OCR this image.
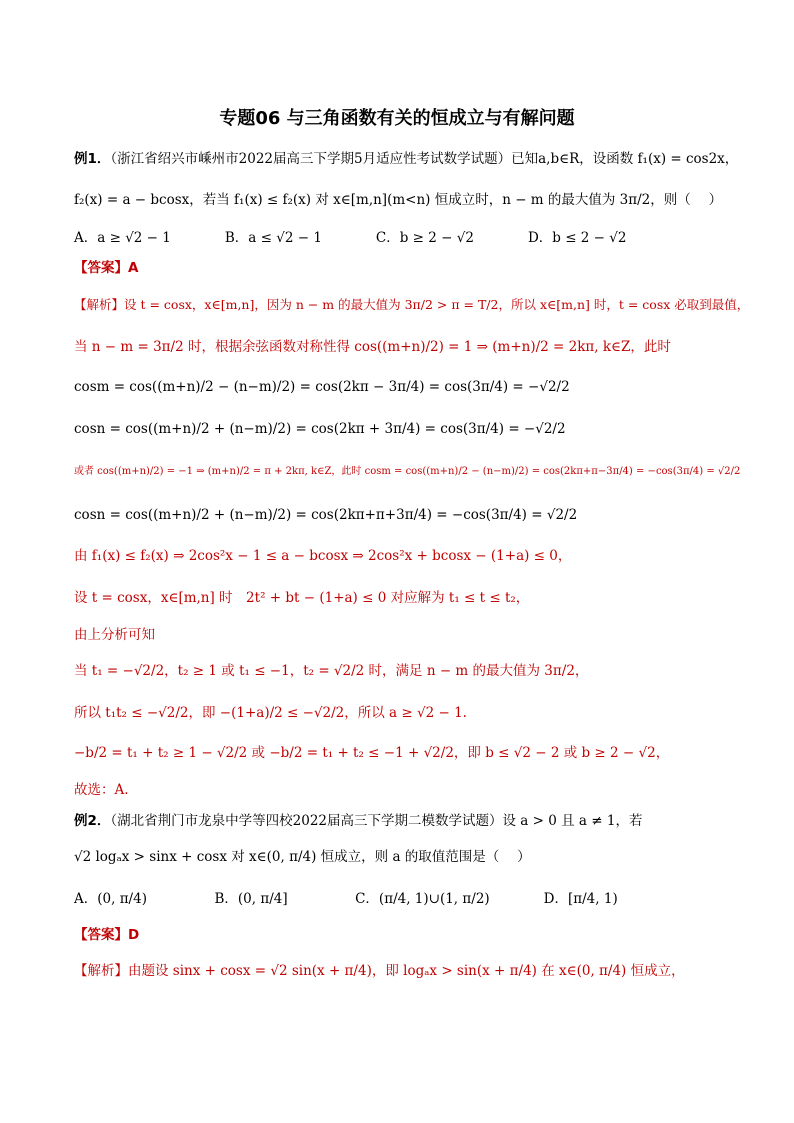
专题06 与三角函数有关的恒成立与有解问题
例1．（浙江省绍兴市嵊州市2022届高三下学期5月适应性考试数学试题）已知a,b∈R，设函数 f₁(x) = cos2x，
f₂(x) = a − bcosx，若当 f₁(x) ≤ f₂(x) 对 x∈[m,n](m<n) 恒成立时，n − m 的最大值为 3π/2，则（　 ）
A．a ≥ √2 − 1　　　　B．a ≤ √2 − 1　　　　C．b ≥ 2 − √2　　　　D．b ≤ 2 − √2
【答案】A
【解析】设 t = cosx，x∈[m,n]，因为 n − m 的最大值为 3π/2 > π = T/2，所以 x∈[m,n] 时，t = cosx 必取到最值，
当 n − m = 3π/2 时，根据余弦函数对称性得 cos((m+n)/2) = 1 ⇒ (m+n)/2 = 2kπ, k∈Z，此时
cosm = cos((m+n)/2 − (n−m)/2) = cos(2kπ − 3π/4) = cos(3π/4) = −√2/2
cosn = cos((m+n)/2 + (n−m)/2) = cos(2kπ + 3π/4) = cos(3π/4) = −√2/2
或者 cos((m+n)/2) = −1 ⇒ (m+n)/2 = π + 2kπ, k∈Z，此时 cosm = cos((m+n)/2 − (n−m)/2) = cos(2kπ+π−3π/4) = −cos(3π/4) = √2/2
cosn = cos((m+n)/2 + (n−m)/2) = cos(2kπ+π+3π/4) = −cos(3π/4) = √2/2
由 f₁(x) ≤ f₂(x) ⇒ 2cos²x − 1 ≤ a − bcosx ⇒ 2cos²x + bcosx − (1+a) ≤ 0，
设 t = cosx，x∈[m,n] 时　2t² + bt − (1+a) ≤ 0 对应解为 t₁ ≤ t ≤ t₂，
由上分析可知
当 t₁ = −√2/2，t₂ ≥ 1 或 t₁ ≤ −1，t₂ = √2/2 时，满足 n − m 的最大值为 3π/2，
所以 t₁t₂ ≤ −√2/2，即 −(1+a)/2 ≤ −√2/2，所以 a ≥ √2 − 1.
−b/2 = t₁ + t₂ ≥ 1 − √2/2 或 −b/2 = t₁ + t₂ ≤ −1 + √2/2，即 b ≤ √2 − 2 或 b ≥ 2 − √2，
故选：A.
例2．（湖北省荆门市龙泉中学等四校2022届高三下学期二模数学试题）设 a > 0 且 a ≠ 1，若
√2 logₐx > sinx + cosx 对 x∈(0, π/4) 恒成立，则 a 的取值范围是（　 ）
A．(0, π/4)　　　　　B．(0, π/4]　　　　　C．(π/4, 1)∪(1, π/2)　　　　D．[π/4, 1)
【答案】D
【解析】由题设 sinx + cosx = √2 sin(x + π/4)，即 logₐx > sin(x + π/4) 在 x∈(0, π/4) 恒成立，
